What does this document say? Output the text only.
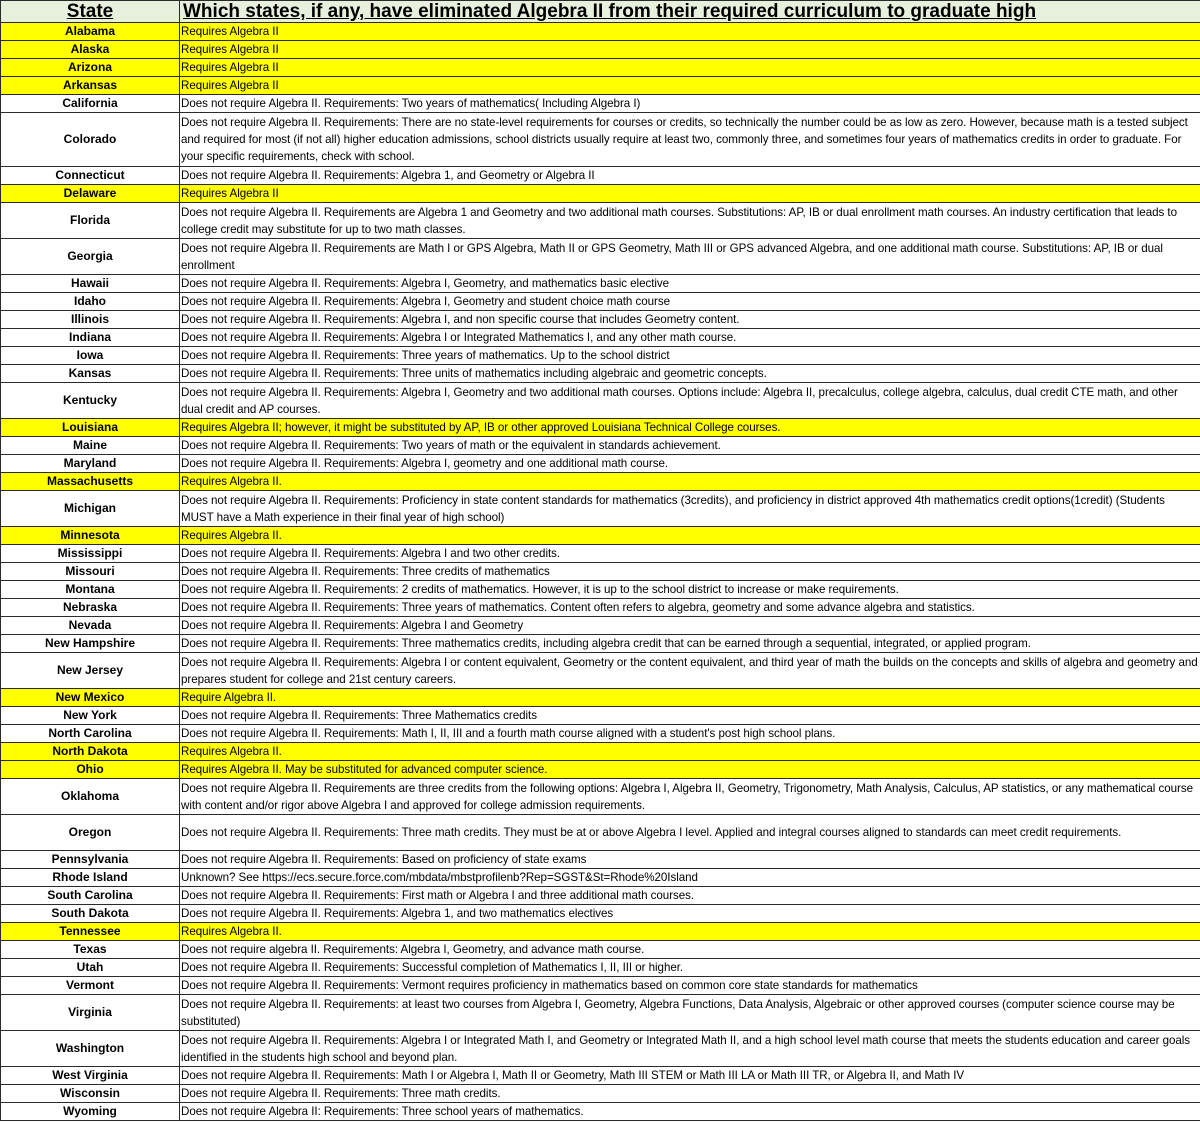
State	Which states, if any, have eliminated Algebra II from their required curriculum to graduate high
Alabama	Requires Algebra II
Alaska	Requires Algebra II
Arizona	Requires Algebra II
Arkansas	Requires Algebra II
California	Does not require Algebra II. Requirements: Two years of mathematics( Including Algebra I)
Colorado	Does not require Algebra II. Requirements: There are no state-level requirements for courses or credits, so technically the number could be as low as zero. However, because math is a tested subject and required for most (if not all) higher education admissions, school districts usually require at least two, commonly three, and sometimes four years of mathematics credits in order to graduate. For your specific requirements, check with school.
Connecticut	Does not require Algebra II. Requirements: Algebra 1, and Geometry or Algebra II
Delaware	Requires Algebra II
Florida	Does not require Algebra II. Requirements are Algebra 1 and Geometry and two additional math courses. Substitutions: AP, IB or dual enrollment math courses. An industry certification that leads to college credit may substitute for up to two math classes.
Georgia	Does not require Algebra II. Requirements are Math I or GPS Algebra, Math II or GPS Geometry, Math III or GPS advanced Algebra, and one additional math course. Substitutions: AP, IB or dual enrollment
Hawaii	Does not require Algebra II. Requirements: Algebra I, Geometry, and mathematics basic elective
Idaho	Does not require Algebra II. Requirements: Algebra I, Geometry and student choice math course
Illinois	Does not require Algebra II. Requirements: Algebra I, and non specific course that includes Geometry content.
Indiana	Does not require Algebra II. Requirements: Algebra I or Integrated Mathematics I, and any other math course.
Iowa	Does not require Algebra II. Requirements: Three years of mathematics. Up to the school district
Kansas	Does not require Algebra II. Requirements: Three units of mathematics including algebraic and geometric concepts.
Kentucky	Does not require Algebra II. Requirements: Algebra I, Geometry and two additional math courses. Options include: Algebra II, precalculus, college algebra, calculus, dual credit CTE math, and other dual credit and AP courses.
Louisiana	Requires Algebra II; however, it might be substituted by AP, IB or other approved Louisiana Technical College courses.
Maine	Does not require Algebra II. Requirements: Two years of math or the equivalent in standards achievement.
Maryland	Does not require Algebra II. Requirements: Algebra I, geometry and one additional math course.
Massachusetts	Requires Algebra II.
Michigan	Does not require Algebra II. Requirements: Proficiency in state content standards for mathematics (3credits), and proficiency in district approved 4th mathematics credit options(1credit) (Students MUST have a Math experience in their final year of high school)
Minnesota	Requires Algebra II.
Mississippi	Does not require Algebra II. Requirements: Algebra I and two other credits.
Missouri	Does not require Algebra II. Requirements: Three credits of mathematics
Montana	Does not require Algebra II. Requirements: 2 credits of mathematics. However, it is up to the school district to increase or make requirements.
Nebraska	Does not require Algebra II. Requirements: Three years of mathematics. Content often refers to algebra, geometry and some advance algebra and statistics.
Nevada	Does not require Algebra II. Requirements: Algebra I and Geometry
New Hampshire	Does not require Algebra II. Requirements: Three mathematics credits, including algebra credit that can be earned through a sequential, integrated, or applied program.
New Jersey	Does not require Algebra II. Requirements: Algebra I or content equivalent, Geometry or the content equivalent, and third year of math the builds on the concepts and skills of algebra and geometry and prepares student for college and 21st century careers.
New Mexico	Require Algebra II.
New York	Does not require Algebra II. Requirements: Three Mathematics credits
North Carolina	Does not require Algebra II. Requirements: Math I, II, III and a fourth math course aligned with a student's post high school plans.
North Dakota	Requires Algebra II.
Ohio	Requires Algebra II. May be substituted for advanced computer science.
Oklahoma	Does not require Algebra II. Requirements are three credits from the following options: Algebra I, Algebra II, Geometry, Trigonometry, Math Analysis, Calculus, AP statistics, or any mathematical course with content and/or rigor above Algebra I and approved for college admission requirements.
Oregon	Does not require Algebra II. Requirements: Three math credits. They must be at or above Algebra I level. Applied and integral courses aligned to standards can meet credit requirements.
Pennsylvania	Does not require Algebra II. Requirements: Based on proficiency of state exams
Rhode Island	Unknown? See https://ecs.secure.force.com/mbdata/mbstprofilenb?Rep=SGST&St=Rhode%20Island
South Carolina	Does not require Algebra II. Requirements: First math or Algebra I and three additional math courses.
South Dakota	Does not require Algebra II. Requirements: Algebra 1, and two mathematics electives
Tennessee	Requires Algebra II.
Texas	Does not require algebra II. Requirements: Algebra I, Geometry, and advance math course.
Utah	Does not require Algebra II. Requirements: Successful completion of Mathematics I, II, III or higher.
Vermont	Does not require Algebra II. Requirements: Vermont requires proficiency in mathematics based on common core state standards for mathematics
Virginia	Does not require Algebra II. Requirements: at least two courses from Algebra I, Geometry, Algebra Functions, Data Analysis, Algebraic or other approved courses (computer science course may be substituted)
Washington	Does not require Algebra II. Requirements: Algebra I or Integrated Math I, and Geometry or Integrated Math II, and a high school level math course that meets the students education and career goals identified in the students high school and beyond plan.
West Virginia	Does not require Algebra II. Requirements: Math I or Algebra I, Math II or Geometry, Math III STEM or Math III LA or Math III TR, or Algebra II, and Math IV
Wisconsin	Does not require Algebra II. Requirements: Three math credits.
Wyoming	Does not require Algebra II: Requirements: Three school years of mathematics.
